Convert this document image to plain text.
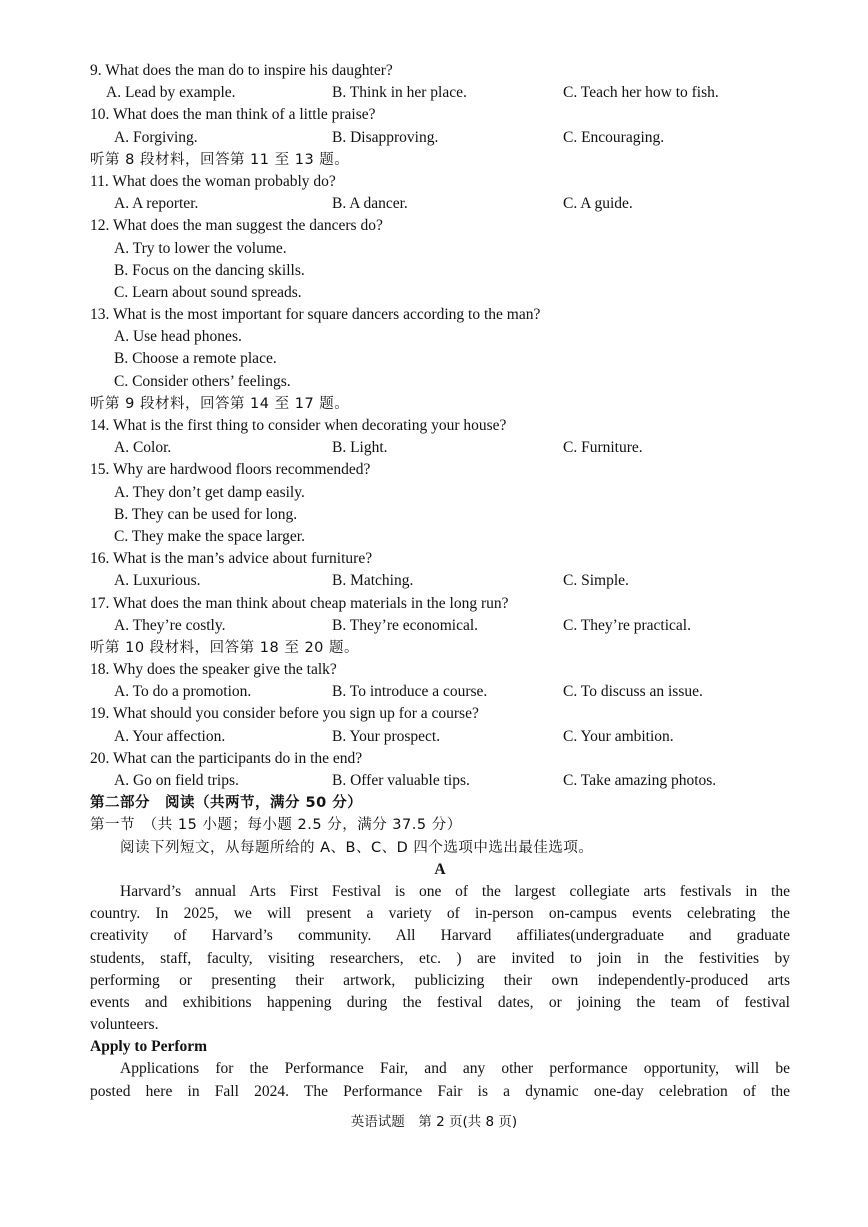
9. What does the man do to inspire his daughter?
A. Lead by example.	B. Think in her place.	C. Teach her how to fish.
10. What does the man think of a little praise?
A. Forgiving.	B. Disapproving.	C. Encouraging.
听第 8 段材料，回答第 11 至 13 题。
11. What does the woman probably do?
A. A reporter.	B. A dancer.	C. A guide.
12. What does the man suggest the dancers do?
A. Try to lower the volume.
B. Focus on the dancing skills.
C. Learn about sound spreads.
13. What is the most important for square dancers according to the man?
A. Use head phones.
B. Choose a remote place.
C. Consider others’ feelings.
听第 9 段材料，回答第 14 至 17 题。
14. What is the first thing to consider when decorating your house?
A. Color.	B. Light.	C. Furniture.
15. Why are hardwood floors recommended?
A. They don’t get damp easily.
B. They can be used for long.
C. They make the space larger.
16. What is the man’s advice about furniture?
A. Luxurious.	B. Matching.	C. Simple.
17. What does the man think about cheap materials in the long run?
A. They’re costly.	B. They’re economical.	C. They’re practical.
听第 10 段材料，回答第 18 至 20 题。
18. Why does the speaker give the talk?
A. To do a promotion.	B. To introduce a course.	C. To discuss an issue.
19. What should you consider before you sign up for a course?
A. Your affection.	B. Your prospect.	C. Your ambition.
20. What can the participants do in the end?
A. Go on field trips.	B. Offer valuable tips.	C. Take amazing photos.
第二部分　阅读（共两节，满分 50 分）
第一节　（共 15 小题；每小题 2.5 分，满分 37.5 分）
阅读下列短文，从每题所给的 A、B、C、D 四个选项中选出最佳选项。
A
Harvard’s annual Arts First Festival is one of the largest collegiate arts festivals in the
country. In 2025, we will present a variety of in-person on-campus events celebrating the
creativity of Harvard’s community. All Harvard affiliates(undergraduate and graduate
students, staff, faculty, visiting researchers, etc. ) are invited to join in the festivities by
performing or presenting their artwork, publicizing their own independently-produced arts
events and exhibitions happening during the festival dates, or joining the team of festival
volunteers.
Apply to Perform
Applications for the Performance Fair, and any other performance opportunity, will be
posted here in Fall 2024. The Performance Fair is a dynamic one-day celebration of the
英语试题　第 2 页(共 8 页)
